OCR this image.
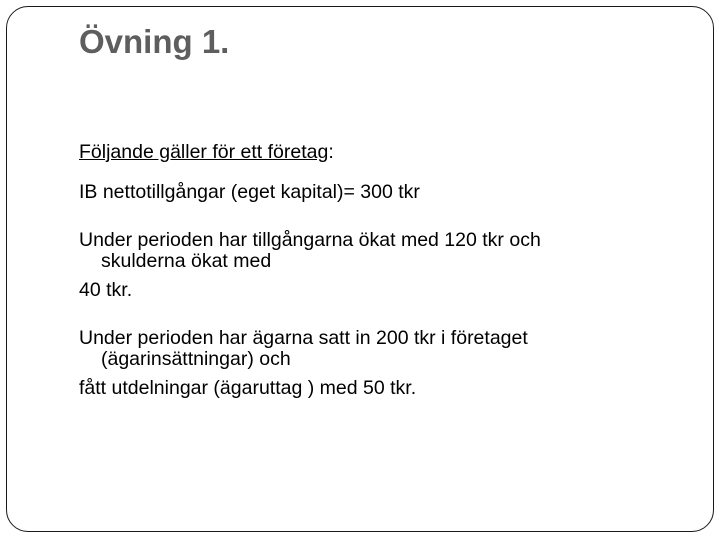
Övning 1.

Följande gäller för ett företag:

IB nettotillgångar (eget kapital)= 300 tkr

Under perioden har tillgångarna ökat med 120 tkr och
skulderna ökat med
40 tkr.

Under perioden har ägarna satt in 200 tkr i företaget
(ägarinsättningar) och
fått utdelningar (ägaruttag ) med 50 tkr.
